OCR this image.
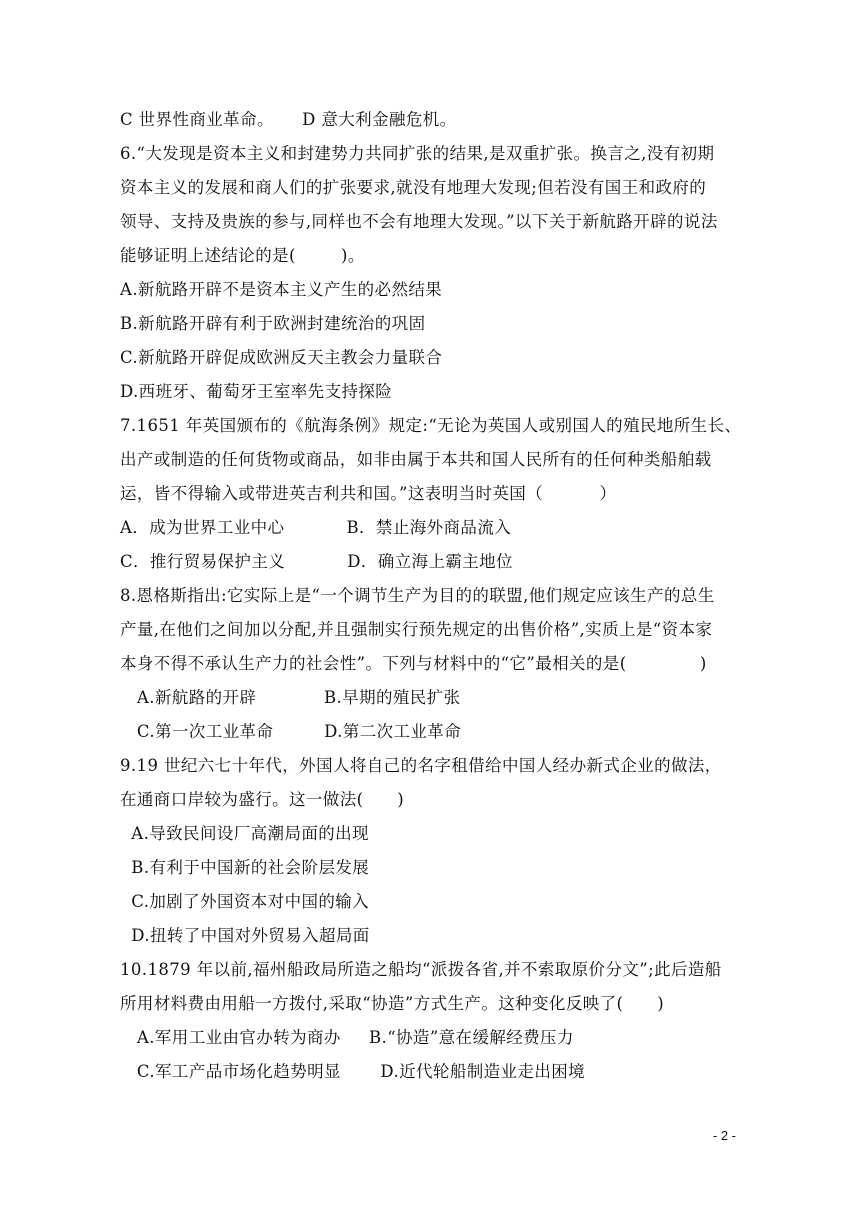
C 世界性商业革命。     D 意大利金融危机。
6.“大发现是资本主义和封建势力共同扩张的结果,是双重扩张。换言之,没有初期
资本主义的发展和商人们的扩张要求,就没有地理大发现;但若没有国王和政府的
领导、支持及贵族的参与,同样也不会有地理大发现。”以下关于新航路开辟的说法
能够证明上述结论的是(        )。
A.新航路开辟不是资本主义产生的必然结果
B.新航路开辟有利于欧洲封建统治的巩固
C.新航路开辟促成欧洲反天主教会力量联合
D.西班牙、葡萄牙王室率先支持探险
7.1651 年英国颁布的《航海条例》规定:“无论为英国人或别国人的殖民地所生长、
出产或制造的任何货物或商品，如非由属于本共和国人民所有的任何种类船舶载
运，皆不得输入或带进英吉利共和国。”这表明当时英国（          ）
A．成为世界工业中心           B．禁止海外商品流入
C．推行贸易保护主义           D．确立海上霸主地位
8.恩格斯指出:它实际上是“一个调节生产为目的的联盟,他们规定应该生产的总生
产量,在他们之间加以分配,并且强制实行预先规定的出售价格”,实质上是“资本家
本身不得不承认生产力的社会性”。下列与材料中的“它”最相关的是(             )
A.新航路的开辟            B.早期的殖民扩张
C.第一次工业革命         D.第二次工业革命
9.19 世纪六七十年代，外国人将自己的名字租借给中国人经办新式企业的做法，
在通商口岸较为盛行。这一做法(      )
A.导致民间设厂高潮局面的出现
B.有利于中国新的社会阶层发展
C.加剧了外国资本对中国的输入
D.扭转了中国对外贸易入超局面
10.1879 年以前,福州船政局所造之船均“派拨各省,并不索取原价分文”;此后造船
所用材料费由用船一方拨付,采取“协造”方式生产。这种变化反映了(      )
A.军用工业由官办转为商办     B.“协造”意在缓解经费压力
C.军工产品市场化趋势明显       D.近代轮船制造业走出困境
- 2 -
